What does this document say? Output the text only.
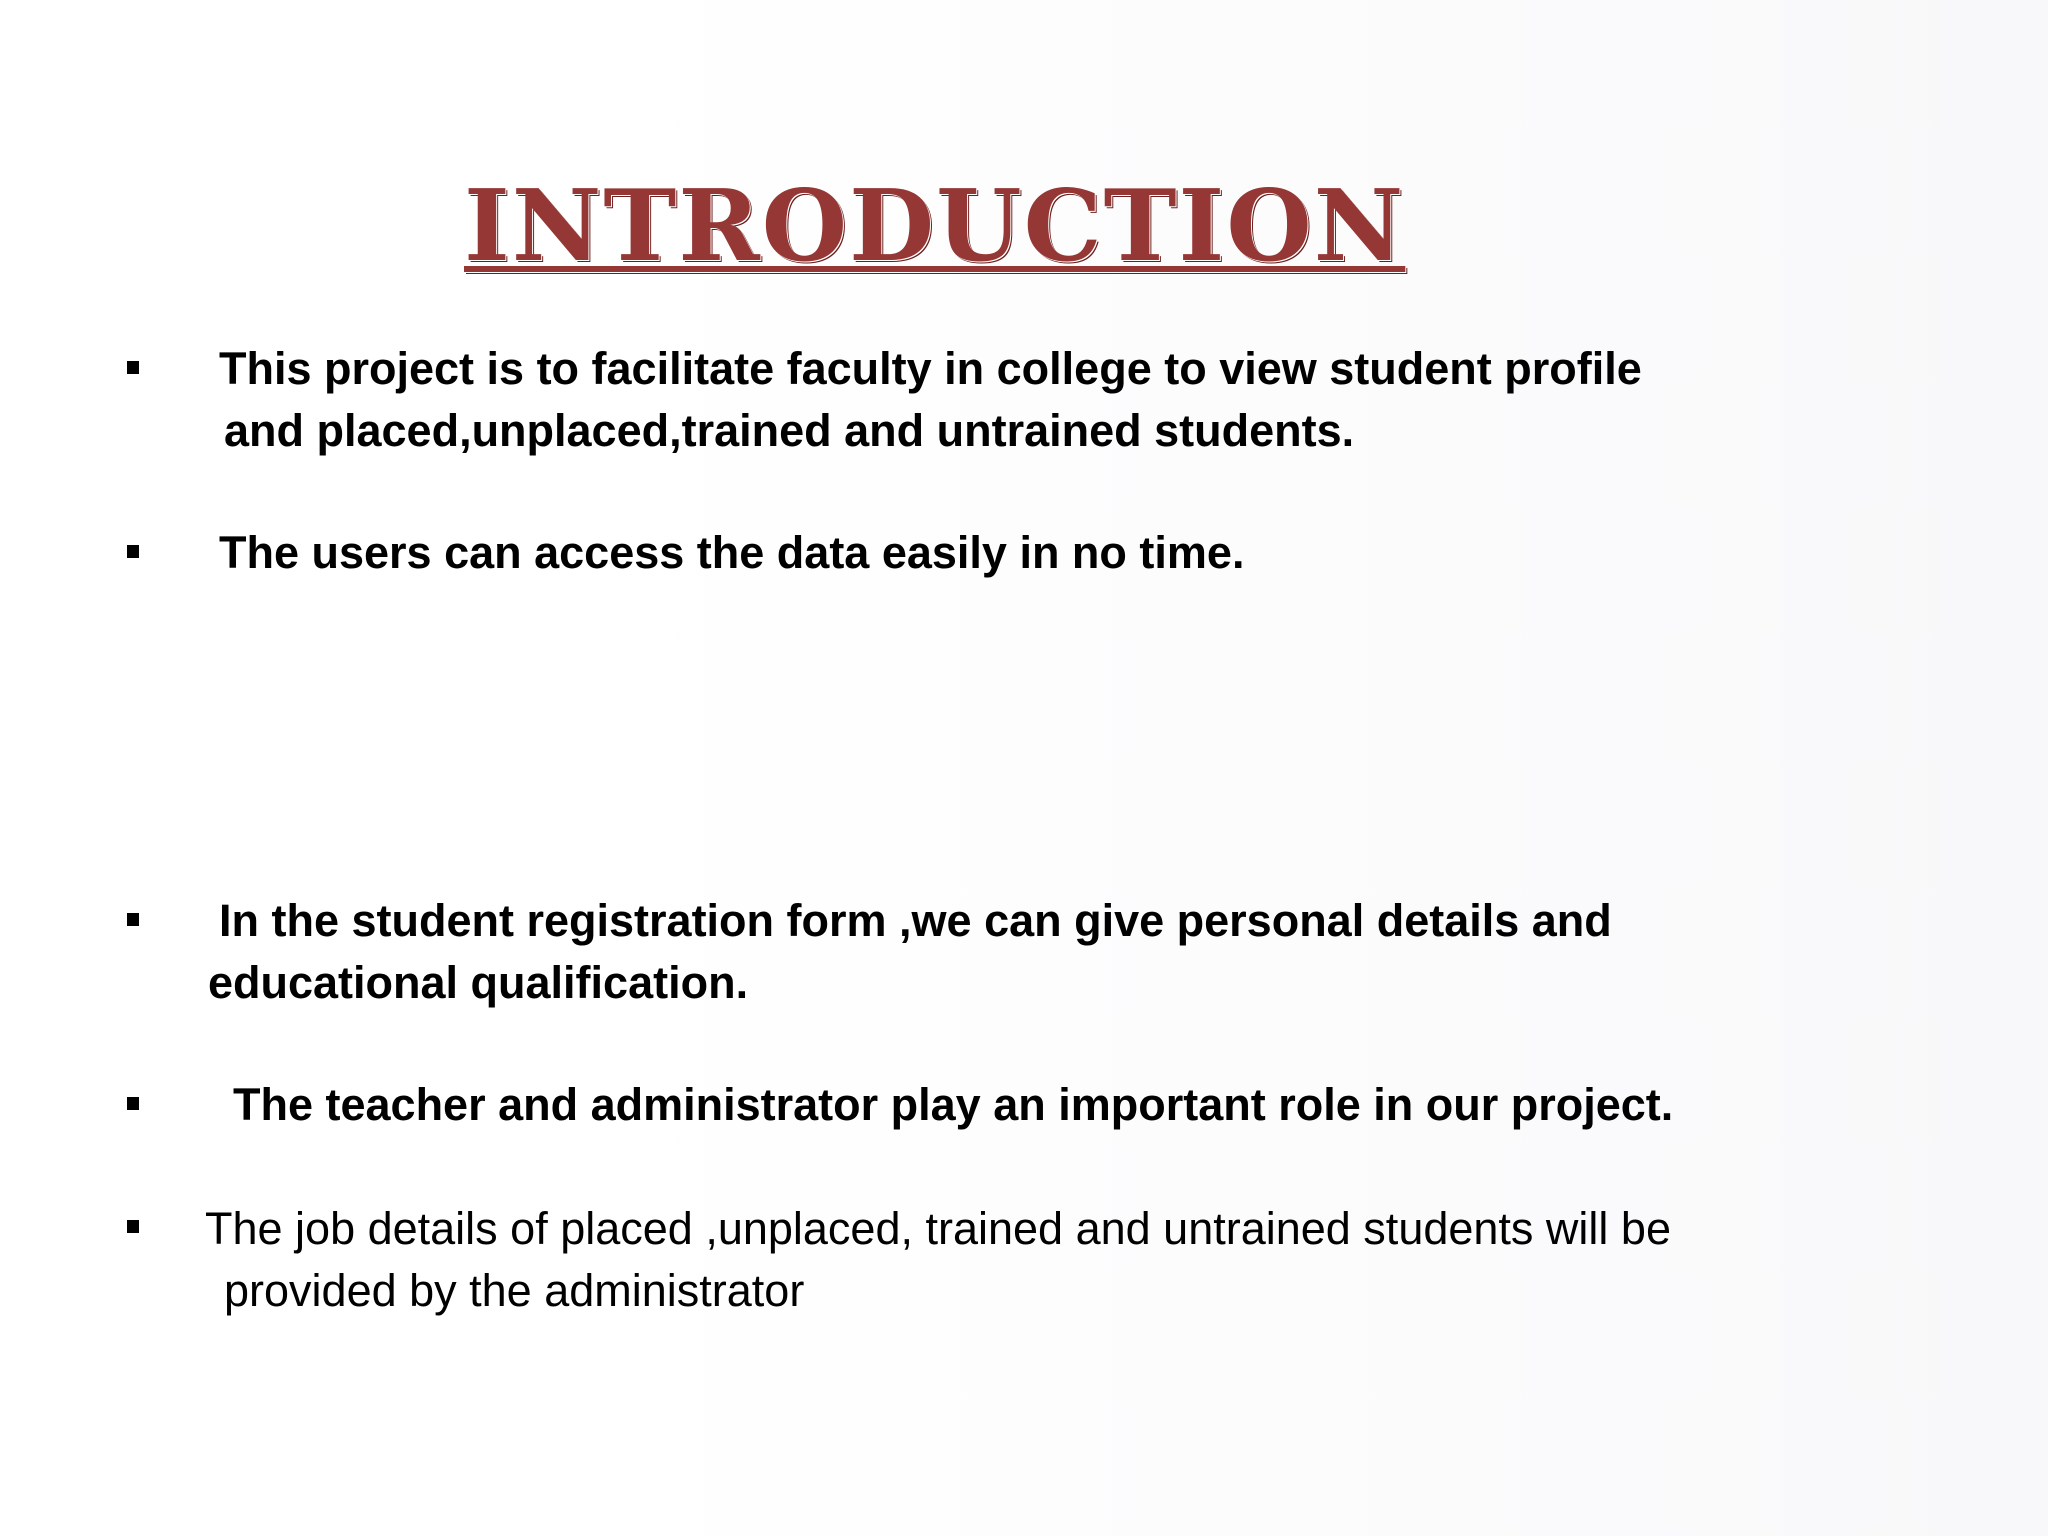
INTRODUCTION

This project is to facilitate faculty in college to view student profile
and placed,unplaced,trained and untrained students.

The users can access the data easily in no time.

In the student registration form ,we can give personal details and
educational qualification.

The teacher and administrator play an important role in our project.

The job details of placed ,unplaced, trained and untrained students will be
provided by the administrator
